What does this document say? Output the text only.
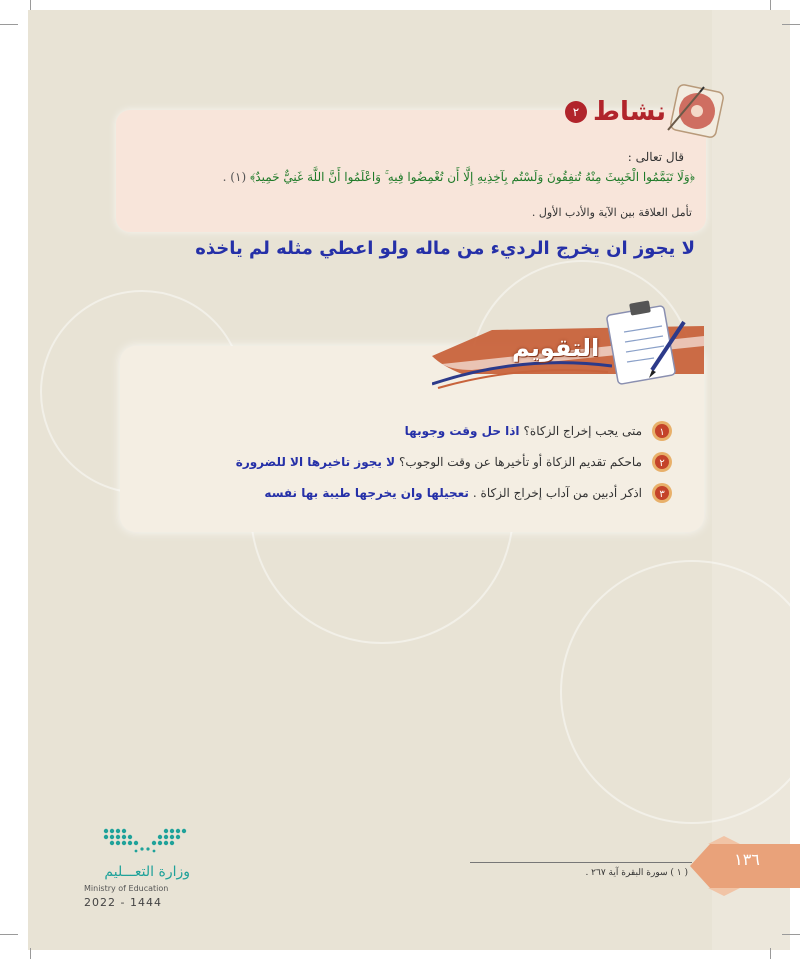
نشاط
٢
قال تعالى :
﴿وَلَا تَيَمَّمُوا الْخَبِيثَ مِنْهُ تُنفِقُونَ وَلَسْتُم بِآخِذِيهِ إِلَّا أَن تُغْمِضُوا فِيهِ ۚ وَاعْلَمُوا أَنَّ اللَّهَ غَنِيٌّ حَمِيدٌ﴾ (١) .
تأمل العلاقة بين الآية والأدب الأول .
لا يجوز ان يخرج الرديء من ماله ولو اعطي مثله لم ياخذه
التقويم
١
متى يجب إخراج الزكاة؟
اذا حل وقت وجوبها
٢
ماحكم تقديم الزكاة أو تأخيرها عن وقت الوجوب؟
لا يجوز تاخيرها الا للضرورة
٣
اذكر أدبين من آداب إخراج الزكاة .
تعجيلها وان يخرجها طيبة بها نفسه
وزارة التعـــليم
Ministry of Education
2022 - 1444
( ١ ) سورة البقرة آية ٢٦٧ .
١٣٦
